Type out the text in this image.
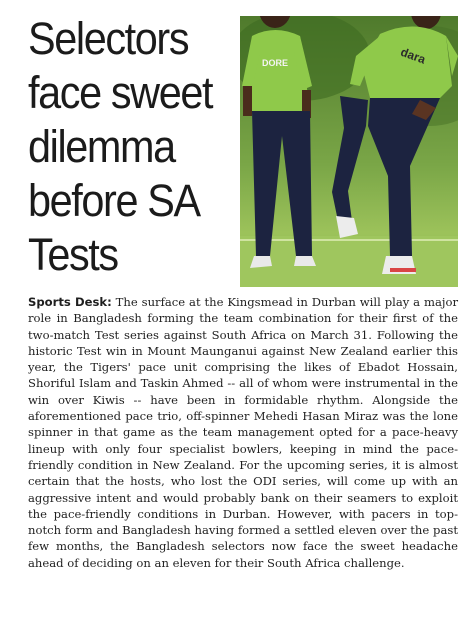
Selectors
face sweet
dilemma
before SA
Tests
DORE	dara

Sports Desk: The surface at the Kingsmead in Durban will play a major role in Bangladesh forming the team combination for their first of the two-match Test series against South Africa on March 31. Following the historic Test win in Mount Maunganui against New Zealand earlier this year, the Tigers' pace unit comprising the likes of Ebadot Hossain, Shoriful Islam and Taskin Ahmed -- all of whom were instrumental in the win over Kiwis -- have been in formidable rhythm. Alongside the aforementioned pace trio, off-spinner Mehedi Hasan Miraz was the lone spinner in that game as the team management opted for a pace-heavy lineup with only four specialist bowlers, keeping in mind the pace-friendly condition in New Zealand. For the upcoming series, it is almost certain that the hosts, who lost the ODI series, will come up with an aggressive intent and would probably bank on their seamers to exploit the pace-friendly conditions in Durban. However, with pacers in top-notch form and Bangladesh having formed a settled eleven over the past few months, the Bangladesh selectors now face the sweet headache ahead of deciding on an eleven for their South Africa challenge.
